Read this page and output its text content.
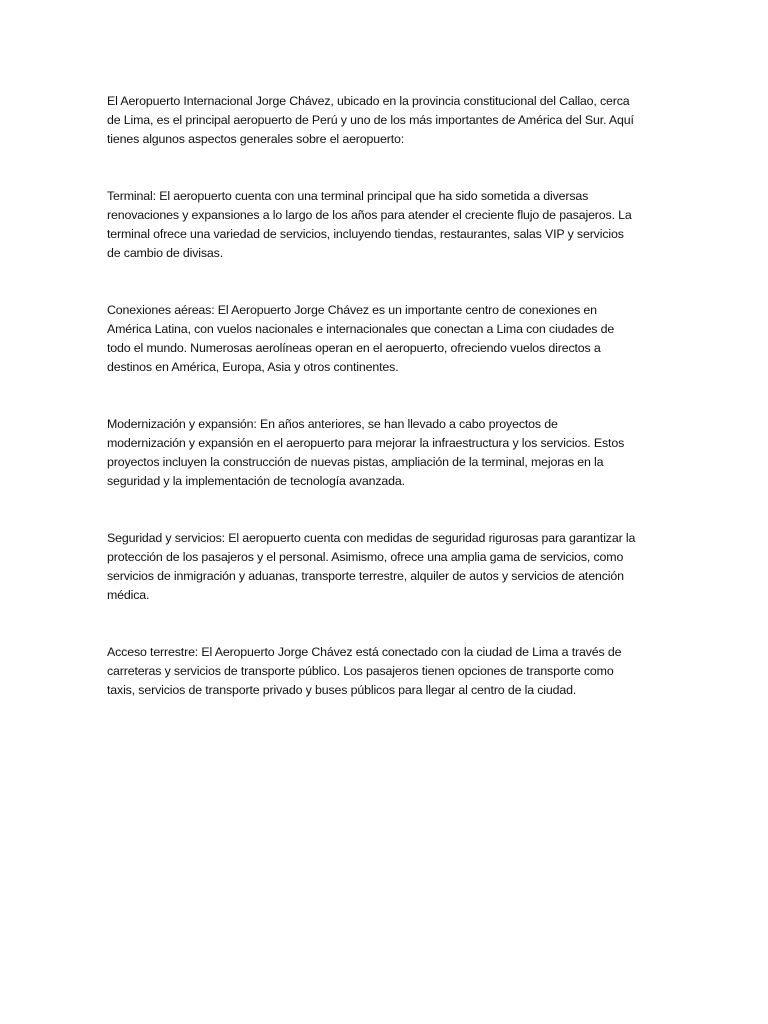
El Aeropuerto Internacional Jorge Chávez, ubicado en la provincia constitucional del Callao, cerca de Lima, es el principal aeropuerto de Perú y uno de los más importantes de América del Sur. Aquí tienes algunos aspectos generales sobre el aeropuerto:

Terminal: El aeropuerto cuenta con una terminal principal que ha sido sometida a diversas renovaciones y expansiones a lo largo de los años para atender el creciente flujo de pasajeros. La terminal ofrece una variedad de servicios, incluyendo tiendas, restaurantes, salas VIP y servicios de cambio de divisas.

Conexiones aéreas: El Aeropuerto Jorge Chávez es un importante centro de conexiones en América Latina, con vuelos nacionales e internacionales que conectan a Lima con ciudades de todo el mundo. Numerosas aerolíneas operan en el aeropuerto, ofreciendo vuelos directos a destinos en América, Europa, Asia y otros continentes.

Modernización y expansión: En años anteriores, se han llevado a cabo proyectos de modernización y expansión en el aeropuerto para mejorar la infraestructura y los servicios. Estos proyectos incluyen la construcción de nuevas pistas, ampliación de la terminal, mejoras en la seguridad y la implementación de tecnología avanzada.

Seguridad y servicios: El aeropuerto cuenta con medidas de seguridad rigurosas para garantizar la protección de los pasajeros y el personal. Asimismo, ofrece una amplia gama de servicios, como servicios de inmigración y aduanas, transporte terrestre, alquiler de autos y servicios de atención médica.

Acceso terrestre: El Aeropuerto Jorge Chávez está conectado con la ciudad de Lima a través de carreteras y servicios de transporte público. Los pasajeros tienen opciones de transporte como taxis, servicios de transporte privado y buses públicos para llegar al centro de la ciudad.
